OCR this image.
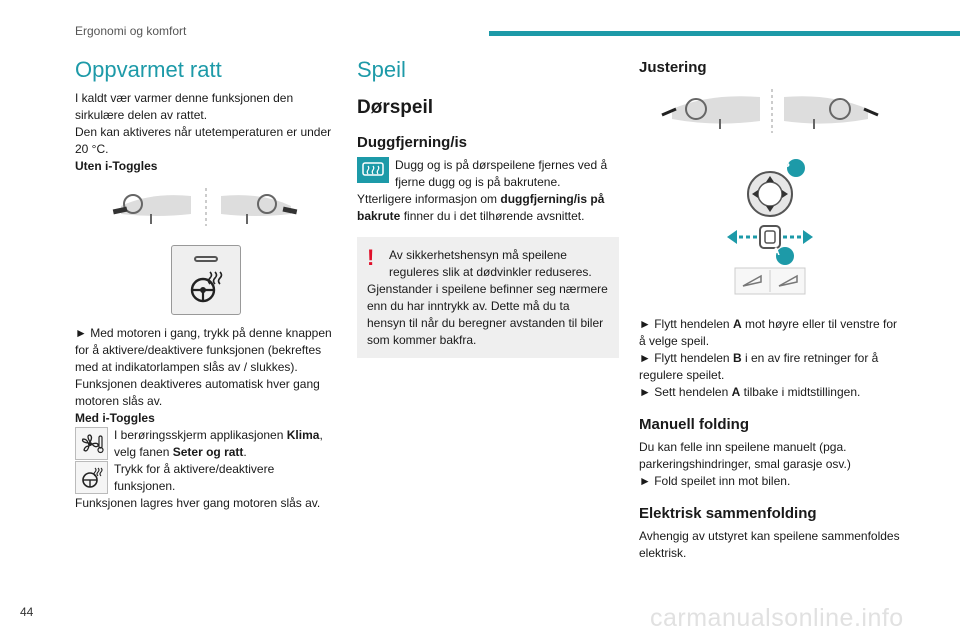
Ergonomi og komfort
Oppvarmet ratt

I kaldt vær varmer denne funksjonen den sirkulære delen av rattet.

Den kan aktiveres når utetemperaturen er under 20 °C.

Uten i-Toggles

► Med motoren i gang, trykk på denne knappen for å aktivere/deaktivere funksjonen (bekreftes med at indikatorlampen slås av / slukkes).

Funksjonen deaktiveres automatisk hver gang motoren slås av.

Med i-Toggles

I berøringsskjerm applikasjonen Klima, velg fanen Seter og ratt.

Trykk for å aktivere/deaktivere funksjonen.

Funksjonen lagres hver gang motoren slås av.

Speil
Dørspeil
Duggfjerning/is

Dugg og is på dørspeilene fjernes ved å fjerne dugg og is på bakrutene.

Ytterligere informasjon om duggfjerning/is på bakrute finner du i det tilhørende avsnittet.

!	Av sikkerhetshensyn må speilene reguleres slik at dødvinkler reduseres. Gjenstander i speilene befinner seg nærmere enn du har inntrykk av. Dette må du ta hensyn til når du beregner avstanden til biler som kommer bakfra.

Justering
B
A

► Flytt hendelen A mot høyre eller til venstre for å velge speil.

► Flytt hendelen B i en av fire retninger for å regulere speilet.

► Sett hendelen A tilbake i midtstillingen.

Manuell folding

Du kan felle inn speilene manuelt (pga. parkeringshindringer, smal garasje osv.)

► Fold speilet inn mot bilen.

Elektrisk sammenfolding

Avhengig av utstyret kan speilene sammenfoldes elektrisk.

44	carmanualsonline.info
